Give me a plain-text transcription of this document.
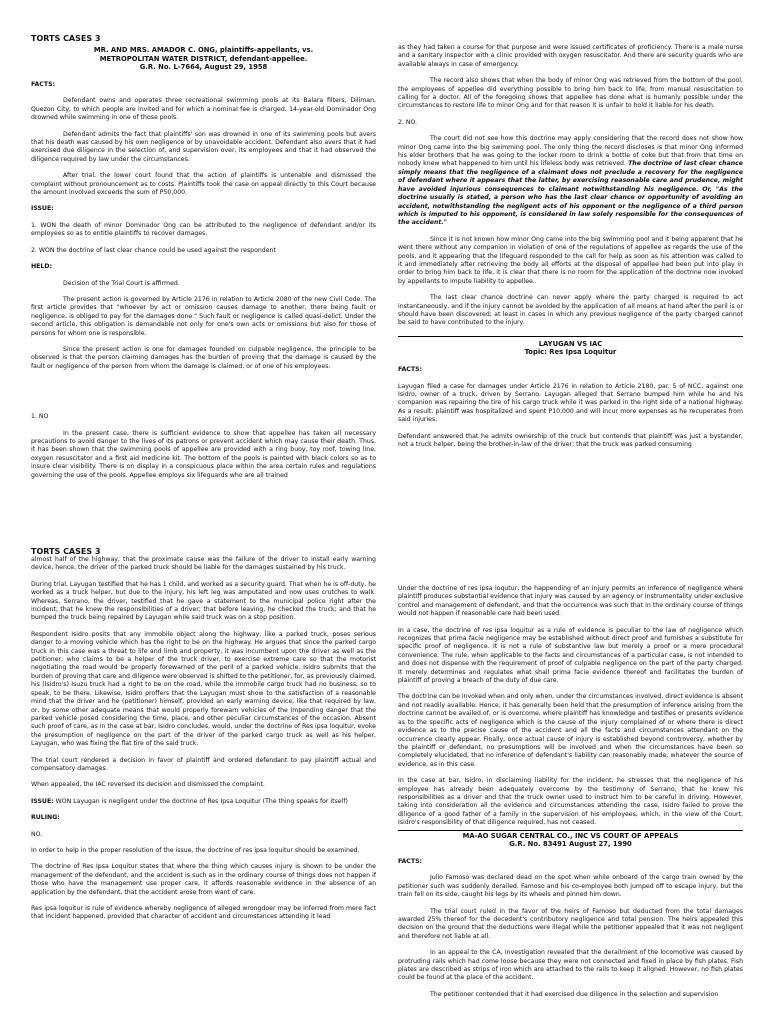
TORTS CASES 3
MR. AND MRS. AMADOR C. ONG, plaintiffs-appellants, vs.
METROPOLITAN WATER DISTRICT, defendant-appellee.
G.R. No. L-7664, August 29, 1958

FACTS:

Defendant owns and operates three recreational swimming pools at its Balara filters, Diliman, Quezon City, to which people are invited and for which a nominal fee is charged. 14-year-old Dominador Ong drowned while swimming in one of those pools.

Defendant admits the fact that plaintiffs' son was drowned in one of its swimming pools but avers that his death was caused by his own negligence or by unavoidable accident. Defendant also avers that it had exercised due diligence in the selection of, and supervision over, its employees and that it had observed the diligence required by law under the circumstances.

After trial, the lower court found that the action of plaintiffs is untenable and dismissed the complaint without pronouncement as to costs. Plaintiffs took the case on appeal directly to this Court because the amount involved exceeds the sum of P50,000.

ISSUE:

1. WON the death of minor Dominador Ong can be attributed to the negligence of defendant and/or its employees so as to entitle plaintiffs to recover damages.

2. WON the doctrine of last clear chance could be used against the respondent

HELD:

Decision of the Trial Court is affirmed.

The present action is governed by Article 2176 in relation to Article 2080 of the new Civil Code. The first article provides that "whoever by act or omission causes damage to another, there being fault or negligence, is obliged to pay for the damages done." Such fault or negligence is called quasi-delict. Under the second article, this obligation is demandable not only for one's own acts or omissions but also for those of persons for whom one is responsible.

Since the present action is one for damages founded on culpable negligence, the principle to be observed is that the person claiming damages has the burden of proving that the damage is caused by the fault or negligence of the person from whom the damage is claimed, or of one of his employees.

1. NO

In the present case, there is sufficient evidence to show that appellee has taken all necessary precautions to avoid danger to the lives of its patrons or prevent accident which may cause their death. Thus, it has been shown that the swimming pools of appellee are provided with a ring buoy, toy roof, towing line, oxygen resuscitator and a first aid medicine kit. The bottom of the pools is painted with black colors so as to insure clear visibility. There is on display in a conspicuous place within the area certain rules and regulations governing the use of the pools. Appellee employs six lifeguards who are all trained

as they had taken a course for that purpose and were issued certificates of proficiency. There is a male nurse and a sanitary inspector with a clinic provided with oxygen resuscitator. And there are security guards who are available always in case of emergency.

The record also shows that when the body of minor Ong was retrieved from the bottom of the pool, the employees of appellee did everything possible to bring him back to life, from manual resuscitation to calling for a doctor. All of the foregoing shows that appellee has done what is humanly possible under the circumstances to restore life to minor Ong and for that reason it is unfair to hold it liable for his death.

2. NO.

The court did not see how this doctrine may apply considering that the record does not show how minor Ong came into the big swimming pool. The only thing the record discloses is that minor Ong informed his elder brothers that he was going to the locker room to drink a bottle of coke but that from that time on nobody knew what happened to him until his lifeless body was retrieved. The doctrine of last clear chance simply means that the negligence of a claimant does not preclude a recovery for the negligence of defendant where it appears that the latter, by exercising reasonable care and prudence, might have avoided injurious consequences to claimant notwithstanding his negligence. Or, "As the doctrine usually is stated, a person who has the last clear chance or opportunity of avoiding an accident, notwithstanding the negligent acts of his opponent or the negligence of a third person which is imputed to his opponent, is considered in law solely responsible for the consequences of the accident."

Since it is not known how minor Ong came into the big swimming pool and it being apparent that he went there without any companion in violation of one of the regulations of appellee as regards the use of the pools, and it appearing that the lifeguard responded to the call for help as soon as his attention was called to it and immediately after retrieving the body all efforts at the disposal of appellee had been put into play in order to bring him back to life, it is clear that there is no room for the application of the doctrine now invoked by appellants to impute liability to appellee..

The last clear chance doctrine can never apply where the party charged is required to act instantaneously, and if the injury cannot be avoided by the application of all means at hand after the peril is or should have been discovered; at least in cases in which any previous negligence of the party charged cannot be said to have contributed to the injury.

LAYUGAN VS IAC
Topic: Res Ipsa Loquitur

FACTS:

Layugan filed a case for damages under Article 2176 in relation to Article 2180, par. 5 of NCC, against one Isidro, owner of a truck, driven by Serrano. Layugan alleged that Serrano bumped him while he and his companion was repairing the tire of his cargo truck while it was parked in the right side of a national highway. As a result, plaintiff was hospitalized and spent P10,000 and will incur more expenses as he recuperates from said injuries.

Defendant answered that he admits ownership of the truck but contends that plaintiff was just a bystander, not a truck helper, being the brother-in-law of the driver; that the truck was parked consuming

TORTS CASES 3

almost half of the highway; that the proximate cause was the failure of the driver to install early warning device, hence, the driver of the parked truck should be liable for the damages sustained by his truck.

During trial, Layugan testified that he has 1 child, and worked as a security guard. That when he is off-duty, he worked as a truck helper, but due to the injury, his left leg was amputated and now uses crutches to walk. Whereas, Serrano, the driver, testified that he gave a statement to the municipal police right after the incident; that he knew the responsibilities of a driver; that before leaving, he checked the truck; and that he bumped the truck being repaired by Layugan while said truck was on a stop position.

Respondent Isidro posits that any immobile object along the highway, like a parked truck, poses serious danger to a moving vehicle which has the right to be on the highway. He argues that since the parked cargo truck in this case was a threat to life and limb and property, it was incumbent upon the driver as well as the petitioner, who claims to be a helper of the truck driver, to exercise extreme care so that the motorist negotiating the road would be properly forewarned of the peril of a parked vehicle. Isidro submits that the burden of proving that care and diligence were observed is shifted to the petitioner, for, as previously claimed, his (Isidro's) Isuzu truck had a right to be on the road, while the immobile cargo truck had no business, so to speak, to be there. Likewise, Isidro proffers that the Layugan must show to the satisfaction of a reasonable mind that the driver and he (petitioner) himself, provided an early warning device, like that required by law, or, by some other adequate means that would properly forewarn vehicles of the impending danger that the parked vehicle posed considering the time, place, and other peculiar circumstances of the occasion. Absent such proof of care, as in the case at bar, Isidro concludes, would, under the doctrine of Res ipsa loquitur, evoke the presumption of negligence on the part of the driver of the parked cargo truck as well as his helper, Layugan, who was fixing the flat tire of the said truck.

The trial court rendered a decision in favor of plaintiff and ordered defendant to pay plaintiff actual and compensatory damages.

When appealed, the IAC reversed its decision and dismissed the complaint.

ISSUE: WON Layugan is negligent under the doctrine of Res Ipsa Loquitur (The thing speaks for itself)

RULING:

NO.

In order to help in the proper resolution of the issue, the doctrine of res ipsa loquitur should be examined.

The doctrine of Res Ipsa Loquitur states that where the thing which causes injury is shown to be under the management of the defendant, and the accident is such as in the ordinary course of things does not happen if those who have the management use proper care, it affords reasonable evidence in the absence of an application by the defendant, that the accident arose from want of care.

Res ipsa loquitur is rule of evidence whereby negligence of alleged wrongdoer may be inferred from mere fact that incident happened, provided that character of accident and circumstances attending it lead

Under the doctrine of res ipsa loqutur, the happending of an injury permits an inference of negligence where plaintiff produces substantial evidence that injury was caused by an agency or instrumentality under exclusive control and management of defendant, and that the occurrence was such that in the ordinary course of things would not happen if reasonable care had been used.

In a case, the doctrine of res ipsa loquitur as a rule of evidence is peculiar to the law of negligence which recognizes that prima facie negligence may be established without direct proof and furnishes a substitute for specific proof of negligence. It is not a rule of substantive law but merely a proof or a mere procedural convenience. The rule, when applicable to the facts and circumstances of a particular case, is not intended to and does not dispense with the requirement of proof of culpable negligence on the part of the party charged. It merely determines and regulates what shall prima facie evidence thereof and facilitates the burden of plaintiff of proving a breach of the duty of due care.

The doctrine can be invoked when and only when, under the circumstances involved, direct evidence is absent and not readily available. Hence, it has generally been held that the presumption of inference arising from the doctrine cannot be availed of, or is overcome, where plaintiff has knowledge and testifies or presents evidence as to the specific acts of negligence which is the cause of the injury complained of or where there is direct evidence as to the precise cause of the accident and all the facts and circumstances attendant on the occurrence clearly appear. Finally, once actual cause of injury is established beyond controversy, whether by the plaintiff or defendant, no presumptions will be involved and when the circumstances have been so completely elucidated, that no inference of defendant's liability can reasonably made, whatever the source of evidence, as in this case.

In the case at bar, Isidro, in disclaiming liability for the incident, he stresses that the negligence of his employee has already been adequately overcome by the testimony of Serrano, that he knew his responsibilities as a driver and that the truck owner used to instruct him to be careful in driving. However, taking into consideration all the evidence and circumstances attending the case, Isidro failed to prove the diligence of a good father of a family in the supervision of his employees, which, in the view of the Court, Isidro's responsibility of that diligence required, has not ceased.

MA-AO SUGAR CENTRAL CO., INC VS COURT OF APPEALS
G.R. No. 83491 August 27, 1990

FACTS:

Julio Famoso was declared dead on the spot when while onboard of the cargo train owned by the petitioner such was suddenly derailed. Famoso and his co-employee both jumped off to escape injury, but the train fell on its side, caught his legs by its wheels and pinned him down.

The trial court ruled in the favor of the heirs of Famoso but deducted from the total damages awarded 25% thereof for the decedent's contributory negligence and total pension. The heirs appealed this decision on the ground that the deductions were illegal while the petitioner appealed that it was not negligent and therefore not liable at all.

In an appeal to the CA, investigation revealed that the derailment of the locomotive was caused by protruding rails which had come loose because they were not connected and fixed in place by fish plates. Fish plates are described as strips of iron which are attached to the rails to keep it aligned. However, no fish plates could be found at the place of the accident.

The petitioner contended that it had exercised due diligence in the selection and supervision
